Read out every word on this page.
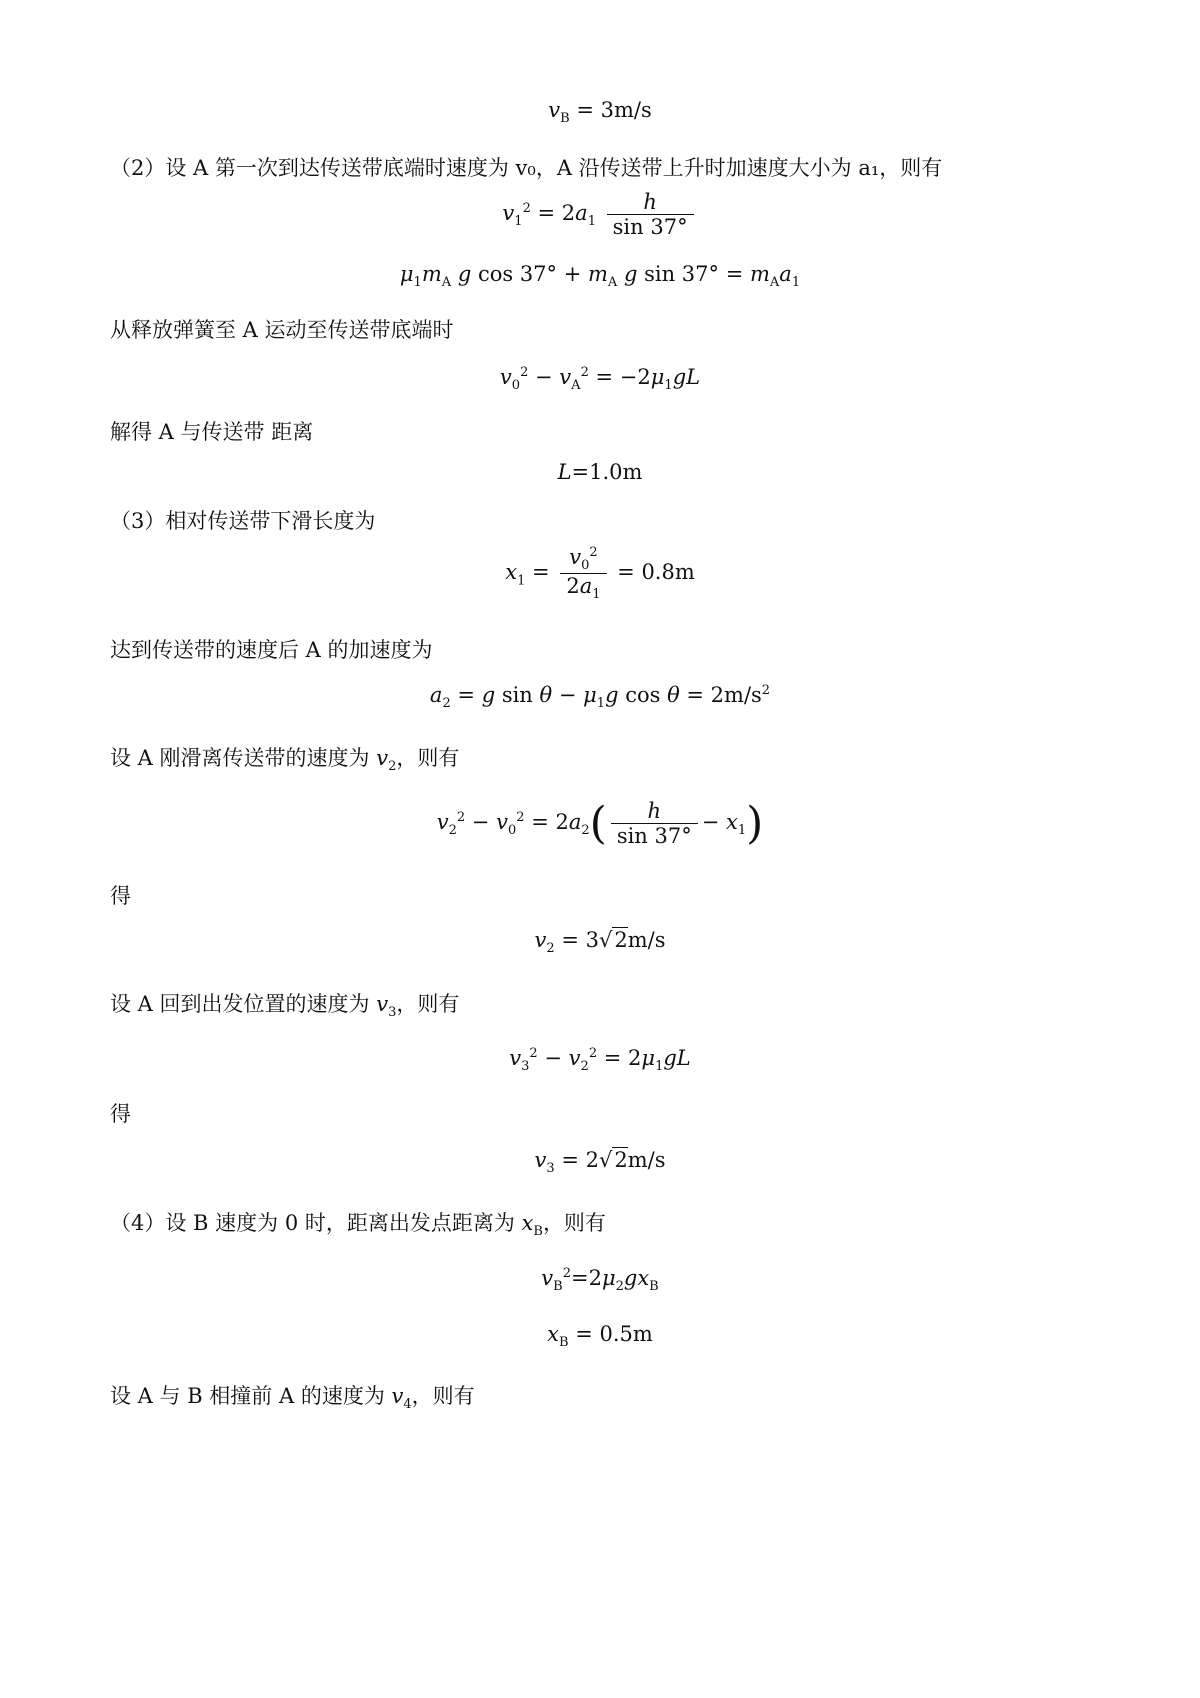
$v_B = 3m/s$
（2）设 A 第一次到达传送带底端时速度为 v₀，A 沿传送带上升时加速度大小为 a₁，则有
$v_1^2 = 2a_1 \frac{h}{\sin 37^\circ}$
$\mu_1m_A$ g $\cos 37^\circ + m_A$ g $\sin 37^\circ = m_Aa_1$
从释放弹簧至 A 运动至传送带底端时
$v_0^2 - v_A^2 = -2\mu_1gL$
解得 A 与传送带 距离
L=1.0m
（3）相对传送带下滑长度为
$x_1 = \frac{v_0^2}{2a_1} = 0.8m$
达到传送带的速度后 A 的加速度为
$a_2 = g$ $\sin \theta - \mu_1g$ $\cos \theta = 2m/s^2$
设 A 刚滑离传送带的速度为 $v_2$，则有
$v_2^2 - v_0^2 = 2a_2( \frac{h}{\sin 37^\circ} - x_1)$
得
$v_2 = 3√2m/s$
设 A 回到出发位置的速度为 $v_3$，则有
$v_3^2 - v_2^2 = 2\mu_1gL$
得
$v_3 = 2√2m/s$
（4）设 B 速度为 0 时，距离出发点距离为 $x_B$，则有
$v_B^2=2\mu_2gx_B$
$x_B = 0.5m$
设 A 与 B 相撞前 A 的速度为 $v_4$，则有
